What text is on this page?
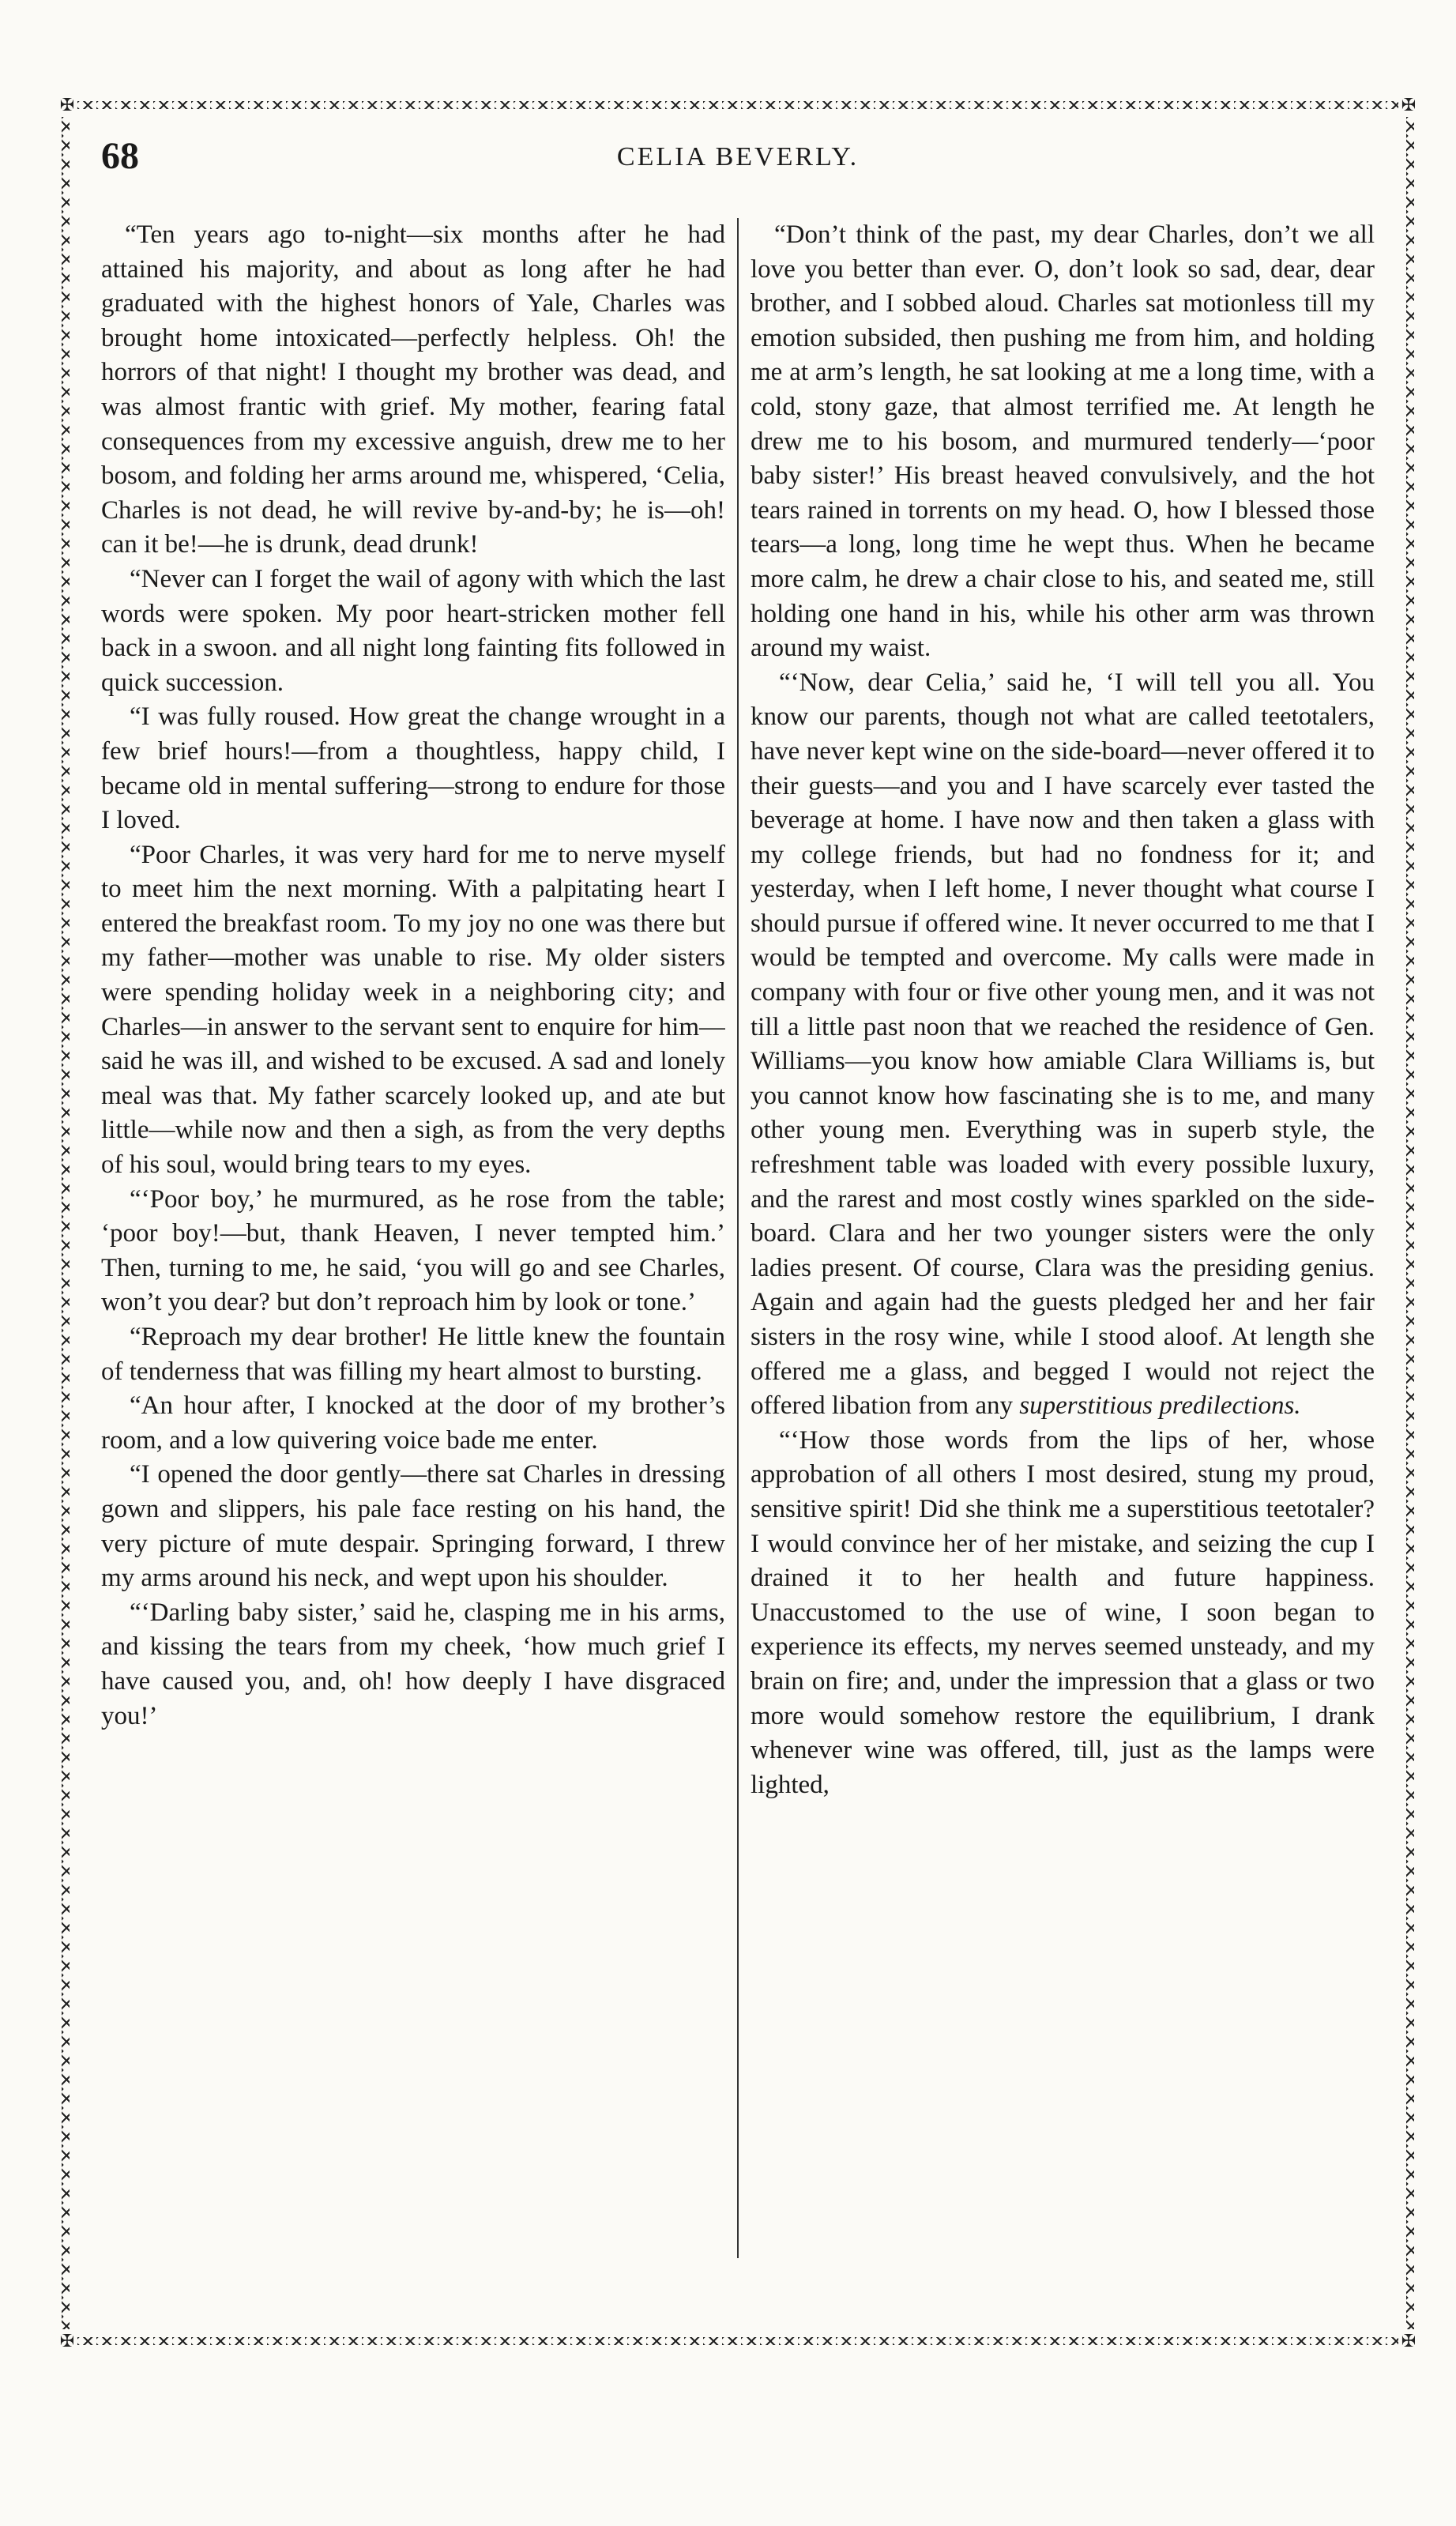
✠	✠
✠	✠
68	CELIA BEVERLY.

“Ten years ago to-night—six months after he had attained his majority, and about as long after he had graduated with the highest honors of Yale, Charles was brought home intoxicated—perfectly helpless. Oh! the horrors of that night! I thought my brother was dead, and was almost frantic with grief. My mother, fearing fatal consequences from my excessive anguish, drew me to her bosom, and folding her arms around me, whispered, ‘Celia, Charles is not dead, he will revive by-and-by; he is—oh! can it be!—he is drunk, dead drunk!

“Never can I forget the wail of agony with which the last words were spoken. My poor heart-stricken mother fell back in a swoon. and all night long fainting fits followed in quick succession.

“I was fully roused. How great the change wrought in a few brief hours!—from a thoughtless, happy child, I became old in mental suffering—strong to endure for those I loved.

“Poor Charles, it was very hard for me to nerve myself to meet him the next morning. With a palpitating heart I entered the breakfast room. To my joy no one was there but my father—mother was unable to rise. My older sisters were spending holiday week in a neighboring city; and Charles—in answer to the servant sent to enquire for him—said he was ill, and wished to be excused. A sad and lonely meal was that. My father scarcely looked up, and ate but little—while now and then a sigh, as from the very depths of his soul, would bring tears to my eyes.

“‘Poor boy,’ he murmured, as he rose from the table; ‘poor boy!—but, thank Heaven, I never tempted him.’ Then, turning to me, he said, ‘you will go and see Charles, won’t you dear? but don’t reproach him by look or tone.’

“Reproach my dear brother! He little knew the fountain of tenderness that was filling my heart almost to bursting.

“An hour after, I knocked at the door of my brother’s room, and a low quivering voice bade me enter.

“I opened the door gently—there sat Charles in dressing gown and slippers, his pale face resting on his hand, the very picture of mute despair. Springing forward, I threw my arms around his neck, and wept upon his shoulder.

“‘Darling baby sister,’ said he, clasping me in his arms, and kissing the tears from my cheek, ‘how much grief I have caused you, and, oh! how deeply I have disgraced you!’

“Don’t think of the past, my dear Charles, don’t we all love you better than ever. O, don’t look so sad, dear, dear brother, and I sobbed aloud. Charles sat motionless till my emotion subsided, then pushing me from him, and holding me at arm’s length, he sat looking at me a long time, with a cold, stony gaze, that almost terrified me. At length he drew me to his bosom, and murmured tenderly—‘poor baby sister!’ His breast heaved convulsively, and the hot tears rained in torrents on my head. O, how I blessed those tears—a long, long time he wept thus. When he became more calm, he drew a chair close to his, and seated me, still holding one hand in his, while his other arm was thrown around my waist.

“‘Now, dear Celia,’ said he, ‘I will tell you all. You know our parents, though not what are called teetotalers, have never kept wine on the side-board—never offered it to their guests—and you and I have scarcely ever tasted the beverage at home. I have now and then taken a glass with my college friends, but had no fondness for it; and yesterday, when I left home, I never thought what course I should pursue if offered wine. It never occurred to me that I would be tempted and overcome. My calls were made in company with four or five other young men, and it was not till a little past noon that we reached the residence of Gen. Williams—you know how amiable Clara Williams is, but you cannot know how fascinating she is to me, and many other young men. Everything was in superb style, the refreshment table was loaded with every possible luxury, and the rarest and most costly wines sparkled on the side-board. Clara and her two younger sisters were the only ladies present. Of course, Clara was the presiding genius. Again and again had the guests pledged her and her fair sisters in the rosy wine, while I stood aloof. At length she offered me a glass, and begged I would not reject the offered libation from any superstitious predilections.

“‘How those words from the lips of her, whose approbation of all others I most desired, stung my proud, sensitive spirit! Did she think me a superstitious teetotaler? I would convince her of her mistake, and seizing the cup I drained it to her health and future happiness. Unaccustomed to the use of wine, I soon began to experience its effects, my nerves seemed unsteady, and my brain on fire; and, under the impression that a glass or two more would somehow restore the equilibrium, I drank whenever wine was offered, till, just as the lamps were lighted,
